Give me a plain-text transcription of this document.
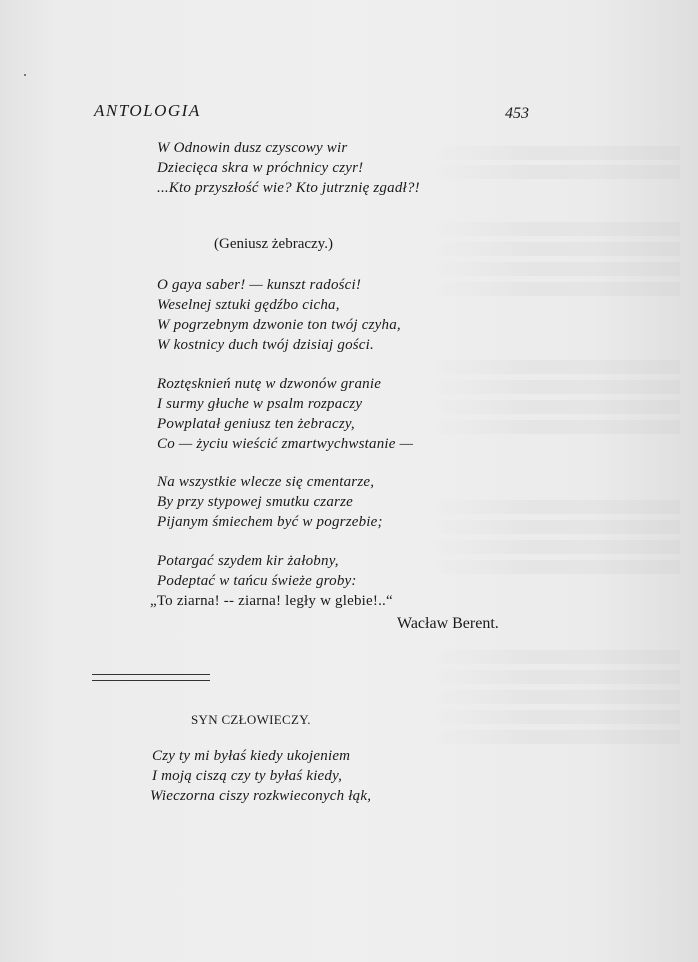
ANTOLOGIA	453
W Odnowin dusz czyscowy wir
Dziecięca skra w próchnicy czyr!
...Kto przyszłość wie? Kto jutrznię zgadł?!
(Geniusz żebraczy.)
O gaya saber! — kunszt radości!
Weselnej sztuki gędźbo cicha,
W pogrzebnym dzwonie ton twój czyha,
W kostnicy duch twój dzisiaj gości.
Roztęsknień nutę w dzwonów granie
I surmy głuche w psalm rozpaczy
Powplatał geniusz ten żebraczy,
Co — życiu wieścić zmartwychwstanie —
Na wszystkie wlecze się cmentarze,
By przy stypowej smutku czarze
Pijanym śmiechem być w pogrzebie;
Potargać szydem kir żałobny,
Podeptać w tańcu świeże groby:
„To ziarna! -- ziarna! legły w glebie!..“
Wacław Berent.
SYN CZŁOWIECZY.
Czy ty mi byłaś kiedy ukojeniem
I moją ciszą czy ty byłaś kiedy,
Wieczorna ciszy rozkwieconych łąk,
